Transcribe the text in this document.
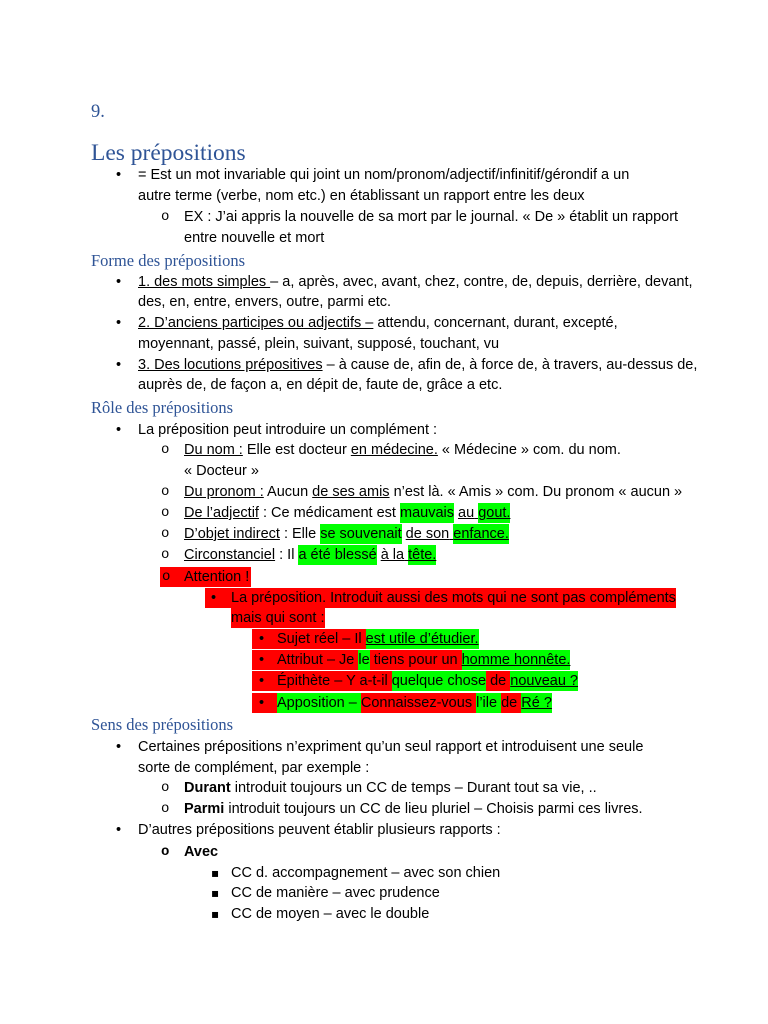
9.
Les prépositions
• = Est un mot invariable qui joint un nom/pronom/adjectif/infinitif/gérondif a un
autre terme (verbe, nom etc.) en établissant un rapport entre les deux
o EX : J’ai appris la nouvelle de sa mort par le journal. « De » établit un rapport
entre nouvelle et mort
Forme des prépositions
• 1. des mots simples – a, après, avec, avant, chez, contre, de, depuis, derrière, devant,
des, en, entre, envers, outre, parmi etc.
• 2. D’anciens participes ou adjectifs – attendu, concernant, durant, excepté,
moyennant, passé, plein, suivant, supposé, touchant, vu
• 3. Des locutions prépositives – à cause de, afin de, à force de, à travers, au-dessus de,
auprès de, de façon a, en dépit de, faute de, grâce a etc.
Rôle des prépositions
• La préposition peut introduire un complément :
o Du nom : Elle est docteur en médecine. « Médecine » com. du nom.
« Docteur »
o Du pronom : Aucun de ses amis n’est là. « Amis » com. Du pronom « aucun »
o De l’adjectif : Ce médicament est mauvais au gout.
o D’objet indirect : Elle se souvenait de son enfance.
o Circonstanciel : Il a été blessé à la tête.
o Attention !
•	La préposition. Introduit aussi des mots qui ne sont pas compléments
mais qui sont :
• Sujet réel – Il est utile d’étudier.
• Attribut – Je le tiens pour un homme honnête.
• Épithète – Y a-t-il quelque chose de nouveau ?
• Apposition – Connaissez-vous l’ile de Ré ?
Sens des prépositions
• Certaines prépositions n’expriment qu’un seul rapport et introduisent une seule
sorte de complément, par exemple :
o Durant introduit toujours un CC de temps – Durant tout sa vie, ..
o Parmi introduit toujours un CC de lieu pluriel – Choisis parmi ces livres.
• D’autres prépositions peuvent établir plusieurs rapports :
o Avec
▪ CC d. accompagnement – avec son chien
▪ CC de manière – avec prudence
▪ CC de moyen – avec le double
